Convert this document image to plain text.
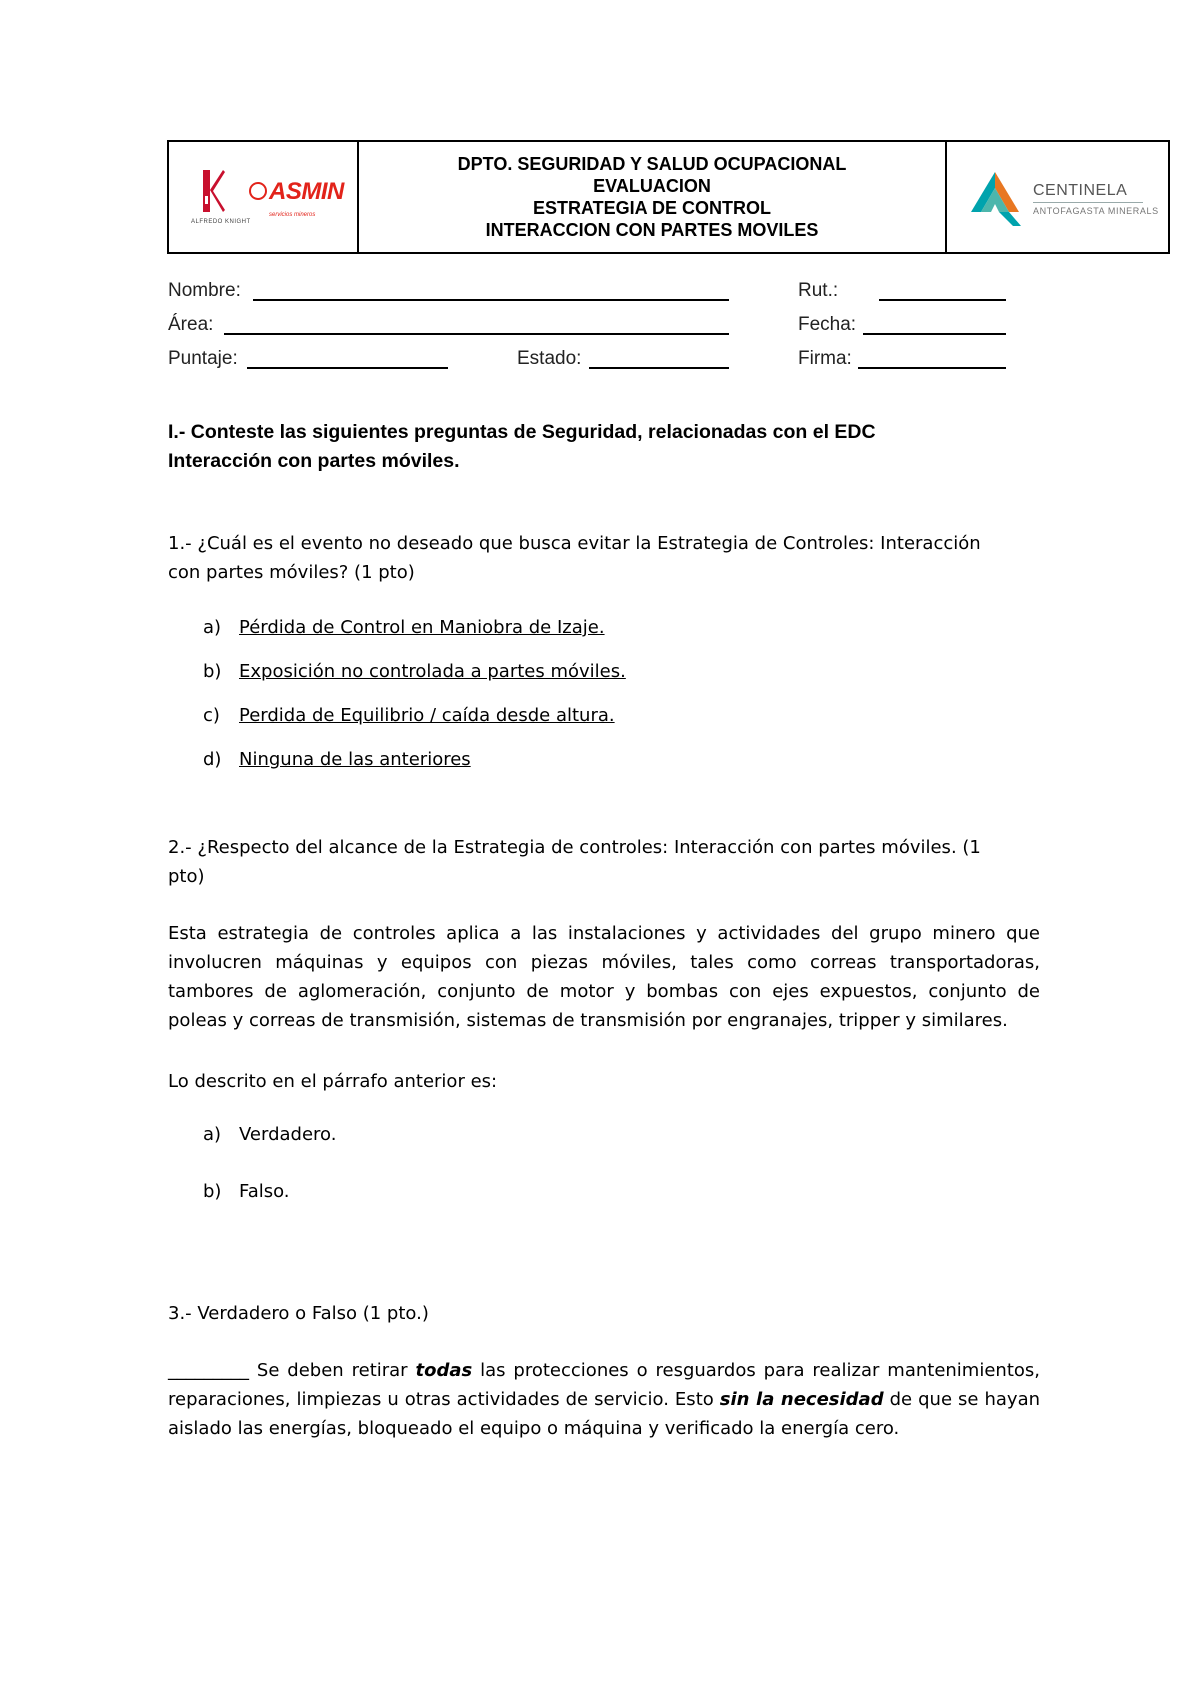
ALFREDO KNIGHT
ASMIN
servicios mineros
DPTO. SEGURIDAD Y SALUD OCUPACIONAL
EVALUACION
ESTRATEGIA DE CONTROL
INTERACCION CON PARTES MOVILES
CENTINELA
ANTOFAGASTA MINERALS
Nombre:	Rut.:
Área:	Fecha:
Puntaje:	Estado:	Firma:
I.- Conteste las siguientes preguntas de Seguridad, relacionadas con el EDC
Interacción con partes móviles.
1.- ¿Cuál es el evento no deseado que busca evitar la Estrategia de Controles: Interacción
con partes móviles? (1 pto)
a) Pérdida de Control en Maniobra de Izaje.
b) Exposición no controlada a partes móviles.
c) Perdida de Equilibrio / caída desde altura.
d) Ninguna de las anteriores
2.- ¿Respecto del alcance de la Estrategia de controles: Interacción con partes móviles. (1
pto)
Esta estrategia de controles aplica a las instalaciones y actividades del grupo minero que involucren máquinas y equipos con piezas móviles, tales como correas transportadoras, tambores de aglomeración, conjunto de motor y bombas con ejes expuestos, conjunto de poleas y correas de transmisión, sistemas de transmisión por engranajes, tripper y similares.
Lo descrito en el párrafo anterior es:
a) Verdadero.
b) Falso.
3.- Verdadero o Falso (1 pto.)
_________ Se deben retirar todas las protecciones o resguardos para realizar mantenimientos, reparaciones, limpiezas u otras actividades de servicio. Esto sin la necesidad de que se hayan aislado las energías, bloqueado el equipo o máquina y verificado la energía cero.
